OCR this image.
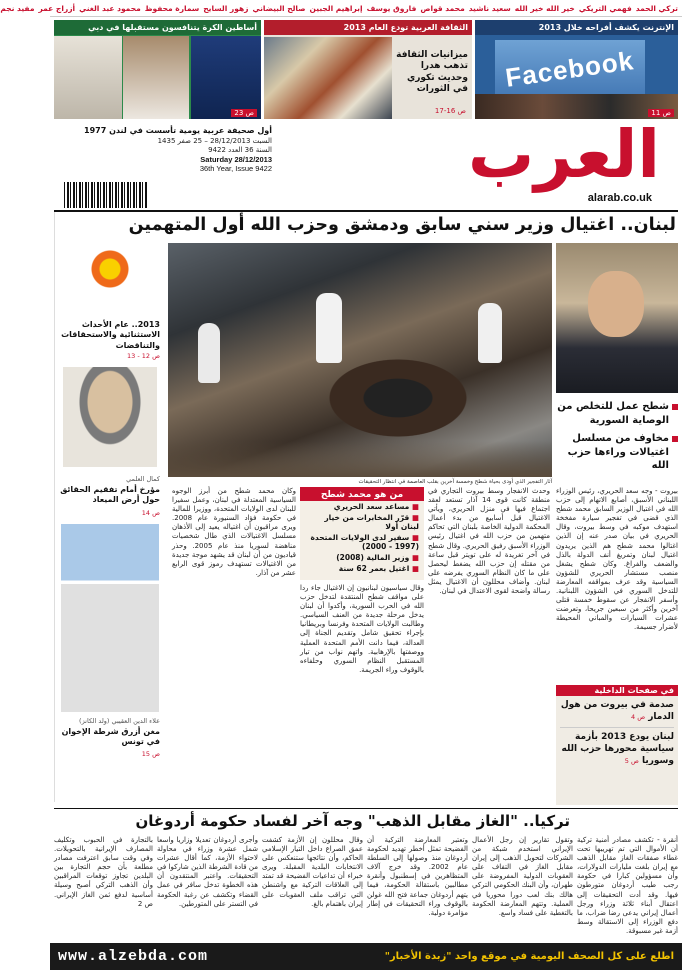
تركي الحمد
فهمي التريكي
خير الله خير الله
سعيد ناشيد
محمد قواص
فاروق يوسف
إبراهيم الجبين
صالح البيضاني
زهور السايح
سمارة محفوظ
محمود عبد الغني
أزراج عمر
مفيد نجم
الإنترنت يكشف أفراحه خلال 2013
Facebook
ص 11
الثقافة العربية تودع العام 2013
ميزانيات الثقافة تذهب هدرا وحديث تكوري في الثورات
ص 16-17
أساطين الكرة يتنافسون مستقبلها في دبي
ص 23
العرب
alarab.co.uk
أول صحيفة عربية يومية تأسست في لندن 1977
السبت 28/12/2013 – 25 صفر 1435
السنة 36 العدد 9422
Saturday 28/12/2013
36th Year, Issue 9422
لبنان.. اغتيال وزير سني سابق ودمشق وحزب الله أول المتهمين
2013.. عام الأحداث الاستثنائية والاستحقاقات والتناقضات
ص 12 - 13
كمال العلمي
مؤرخ أمام تفقيم الحقائق حول أرض الميعاد
ص 14
علاء الدين العقيبي (ولد الكانز)
مغن أزرق شرطة الإخوان في تونس
ص 15
آثار التفجير الذي أودى بحياة شطح وخمسة آخرين بقلب العاصمة في انتظار التحقيقات
شطح عمل للتخلص من الوصاية السورية
مخاوف من مسلسل اغتيالات وراءها حزب الله

بيروت - وجه سعد الحريري، رئيس الوزراء اللبناني الأسبق، أصابع الاتهام إلى حزب الله في اغتيال الوزير السابق محمد شطح الذي قضى في تفجير سيارة مفخخة استهدف موكبه في وسط بيروت، وقال الحريري في بيان صدر عنه إن الذين اغتالوا محمد شطح هم الذين يريدون اغتيال لبنان وتمريغ أنف الدولة بالذل والضعف والفراغ. وكان شطح يشغل منصب مستشار الحريري للشؤون السياسية وقد عرف بمواقفه المعارضة للتدخل السوري في الشؤون اللبنانية. وأسفر الانفجار عن سقوط خمسة قتلى آخرين وأكثر من سبعين جريحا، وتعرضت عشرات السيارات والمباني المحيطة لأضرار جسيمة.

وحدث الانفجار وسط بيروت التجاري في منطقة كانت قوى 14 آذار تستعد لعقد اجتماع فيها في منزل الحريري، ويأتي الاغتيال قبل أسابيع من بدء أعمال المحكمة الدولية الخاصة بلبنان التي تحاكم متهمين من حزب الله في اغتيال رئيس الوزراء الأسبق رفيق الحريري. وقال شطح في آخر تغريدة له على تويتر قبل ساعة من مقتله إن حزب الله يضغط ليحصل على ما كان النظام السوري يفرضه على لبنان. وأضاف محللون أن الاغتيال يمثل رسالة واضحة لقوى الاعتدال في لبنان.

وقال سياسيون لبنانيون إن الاغتيال جاء ردا على مواقف شطح المنتقدة لتدخل حزب الله في الحرب السورية، وأكدوا أن لبنان يدخل مرحلة جديدة من العنف السياسي. وطالبت الولايات المتحدة وفرنسا وبريطانيا بإجراء تحقيق شامل وتقديم الجناة إلى العدالة، فيما دانت الأمم المتحدة العملية ووصفتها بالإرهابية. واتهم نواب من تيار المستقبل النظام السوري وحلفاءه بالوقوف وراء الجريمة.

وكان محمد شطح من أبرز الوجوه السياسية المعتدلة في لبنان، وعمل سفيرا للبنان لدى الولايات المتحدة، ووزيرا للمالية في حكومة فؤاد السنيورة عام 2008. ويرى مراقبون أن اغتياله يعيد إلى الأذهان مسلسل الاغتيالات الذي طال شخصيات مناهضة لسوريا منذ عام 2005. وحذر قياديون من أن لبنان قد يشهد موجة جديدة من الاغتيالات تستهدف رموز قوى الرابع عشر من آذار.

من هو محمد شطح
■ مساعد سعد الحريري
■ قرّر المخابرات من خيار لبنان أولا
■ سفير لدى الولايات المتحدة (1997 - 2000)
■ وزير المالية (2008)
■ اغتيل بعمر 62 سنة
في صفحات الداخلية
صدمة في بيروت من هول الدمار ص 4
لبنان يودع 2013 بأزمة سياسية محورها حزب الله وسوريا ص 5
تركيا.. "الغاز مقابل الذهب" وجه آخر لفساد حكومة أردوغان

أنقرة - تكشف مصادر أمنية تركية أن الأموال التي تم تهريبها تحت غطاء صفقات الغاز مقابل الذهب مع إيران بلغت مليارات الدولارات، وأن مسؤولين كبارا في حكومة رجب طيب أردوغان متورطون فيها. وقد أدت التحقيقات إلى اعتقال أبناء ثلاثة وزراء ورجل أعمال إيراني يدعى رضا ضراب، ما دفع الوزراء إلى الاستقالة وسط أزمة غير مسبوقة.

وتقول تقارير إن رجل الأعمال الإيراني استخدم شبكة من الشركات لتحويل الذهب إلى إيران مقابل الغاز في التفاف على العقوبات الدولية المفروضة على طهران، وأن البنك الحكومي التركي هالك بنك لعب دورا محوريا في العملية. وتتهم المعارضة الحكومة بالتغطية على فساد واسع.

وتعتبر المعارضة التركية أن الفضيحة تمثل أخطر تهديد لحكومة أردوغان منذ وصولها إلى السلطة عام 2002. وقد خرج آلاف المتظاهرين في إسطنبول وأنقرة مطالبين باستقالة الحكومة، فيما يتهم أردوغان جماعة فتح الله غولن بالوقوف وراء التحقيقات في إطار مؤامرة دولية.

وقال محللون إن الأزمة كشفت عمق الصراع داخل التيار الإسلامي الحاكم، وأن نتائجها ستنعكس على الانتخابات البلدية المقبلة. ويرى خبراء أن تداعيات الفضيحة قد تمتد إلى العلاقات التركية مع واشنطن التي تراقب ملف العقوبات على إيران باهتمام بالغ.

وأجرى أردوغان تعديلا وزاريا واسعا شمل عشرة وزراء في محاولة لاحتواء الأزمة، كما أقال عشرات من قادة الشرطة الذين شاركوا في التحقيقات. واعتبر المنتقدون أن هذه الخطوة تدخل سافر في عمل القضاء وتكشف عن رغبة الحكومة في التستر على المتورطين.

بالتجارة في الحبوب وتكليف المصارف الإيرانية بالتحويلات. وفي وقت سابق اعترفت مصادر مطلعة بأن حجم التجارة بين البلدين تجاوز توقعات المراقبين وأن الذهب التركي أصبح وسيلة أساسية لدفع ثمن الغاز الإيراني. ص 2

اطلع على كل الصحف اليومية في موقع واحد "زبدة الأخبار"
www.alzebda.com
